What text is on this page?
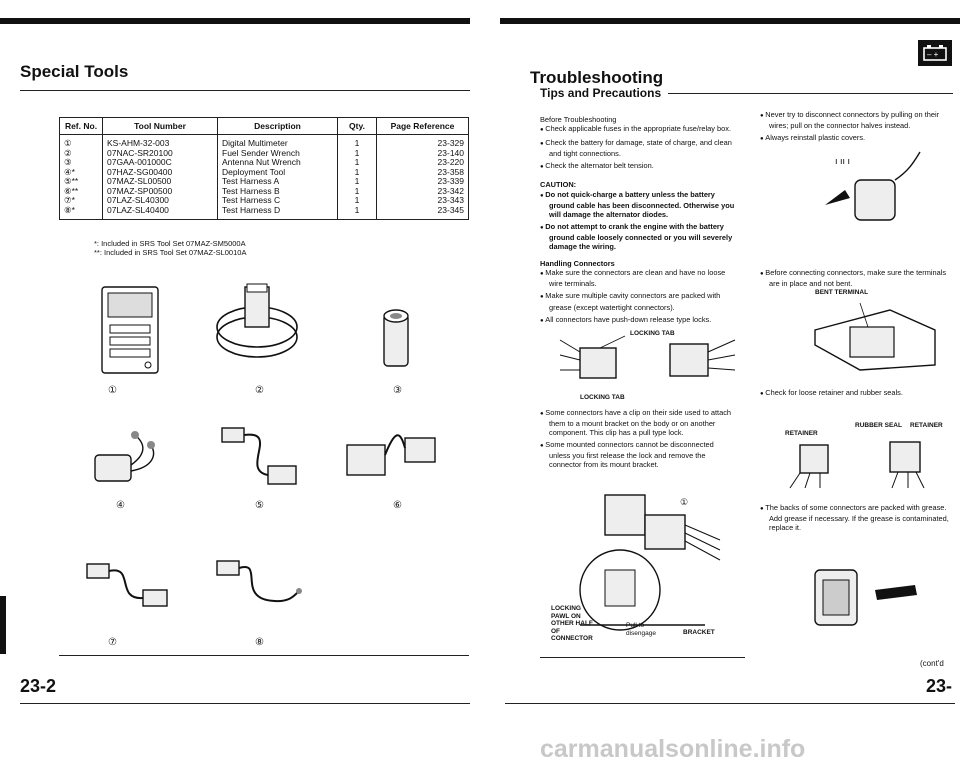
Special Tools
Ref. No.	Tool Number	Description	Qty.	Page Reference
①	KS-AHM-32-003	Digital Multimeter	1	23-329
②	07NAC-SR20100	Fuel Sender Wrench	1	23-140
③	07GAA-001000C	Antenna Nut Wrench	1	23-220
④*	07HAZ-SG00400	Deployment Tool	1	23-358
⑤**	07MAZ-SL00500	Test Harness A	1	23-339
⑥**	07MAZ-SP00500	Test Harness B	1	23-342
⑦*	07LAZ-SL40300	Test Harness C	1	23-343
⑧*	07LAZ-SL40400	Test Harness D	1	23-345
*: Included in SRS Tool Set 07MAZ-SM5000A
**: Included in SRS Tool Set 07MAZ-SL0010A
①	②	③
④	⑤	⑥
⑦	⑧
23-2
– +
Troubleshooting
Tips and Precautions

Before Troubleshooting

● Check applicable fuses in the appropriate fuse/relay box.
● Check the battery for damage, state of charge, and clean and tight connections.
● Check the alternator belt tension.

CAUTION:

● Do not quick-charge a battery unless the battery ground cable has been disconnected. Otherwise you will damage the alternator diodes.
● Do not attempt to crank the engine with the battery ground cable loosely connected or you will severely damage the wiring.

Handling Connectors

● Make sure the connectors are clean and have no loose wire terminals.
● Make sure multiple cavity connectors are packed with grease (except watertight connectors).
● All connectors have push-down release type locks.
LOCKING TAB
LOCKING TAB
● Some connectors have a clip on their side used to attach them to a mount bracket on the body or on another component. This clip has a pull type lock.
● Some mounted connectors cannot be disconnected unless you first release the lock and remove the connector from its mount bracket.
①
LOCKING PAWL ON OTHER HALF OF CONNECTOR
Pull to disengage	BRACKET
● Never try to disconnect connectors by pulling on their wires; pull on the connector halves instead.
● Always reinstall plastic covers.
ı ıı ı
● Before connecting connectors, make sure the terminals are in place and not bent.
BENT TERMINAL
● Check for loose retainer and rubber seals.
RETAINER
RUBBER SEAL RETAINER
● The backs of some connectors are packed with grease. Add grease if necessary. If the grease is contaminated, replace it.
(cont'd
23-
carmanualsonline.info
